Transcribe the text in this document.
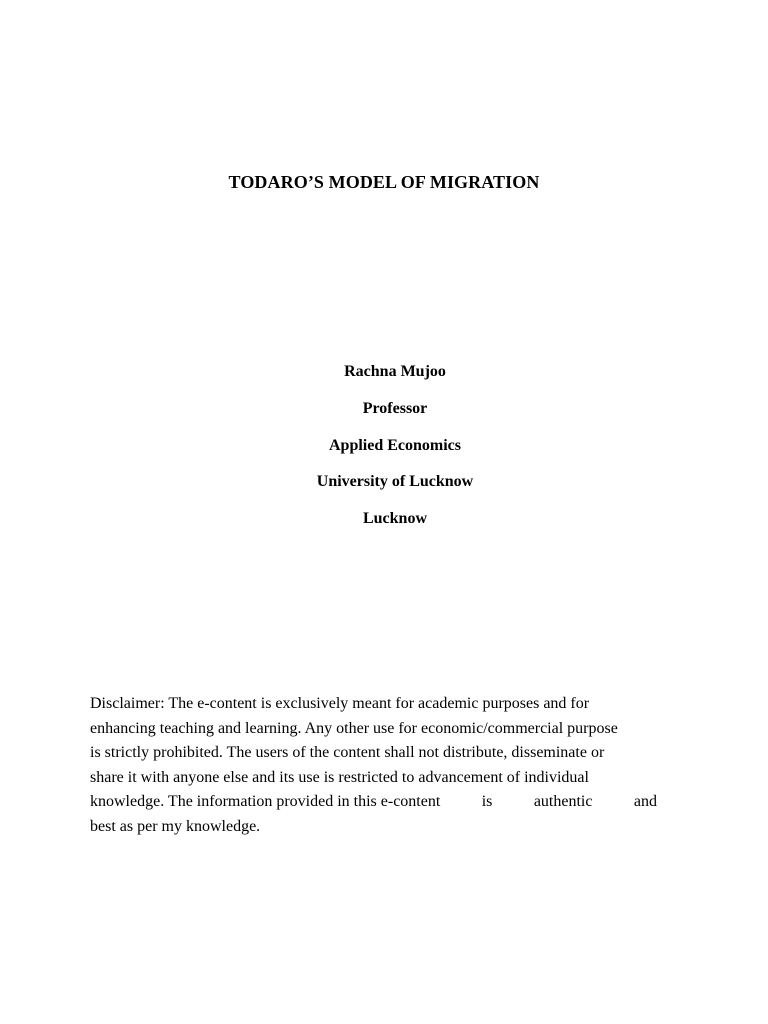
TODARO’S MODEL OF MIGRATION
Rachna Mujoo
Professor
Applied Economics
University of Lucknow
Lucknow
Disclaimer: The e-content is exclusively meant for academic purposes and for
enhancing teaching and learning. Any other use for economic/commercial purpose
is strictly prohibited. The users of the content shall not distribute, disseminate or
share it with anyone else and its use is restricted to advancement of individual
knowledge. The information provided in this e-content	is	authentic	and
best as per my knowledge.
